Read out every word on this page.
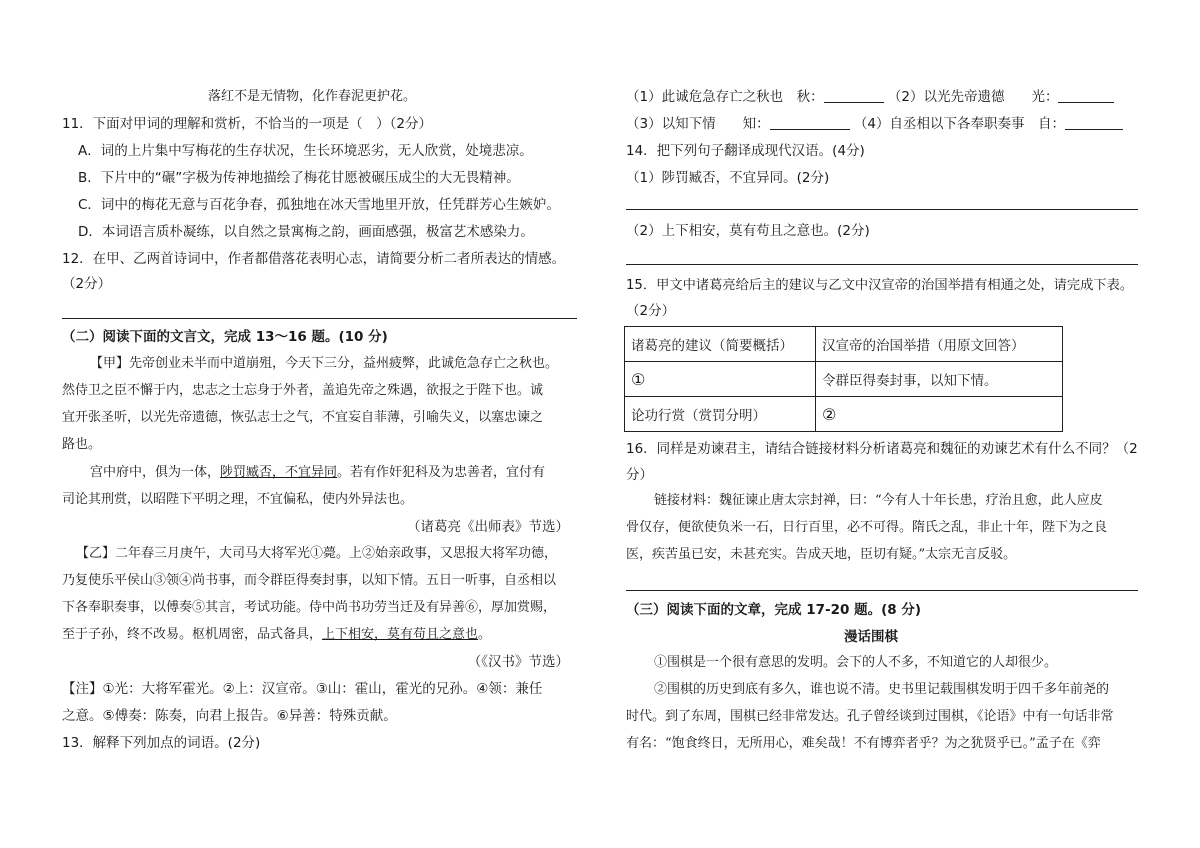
落红不是无情物，化作春泥更护花。
11．下面对甲词的理解和赏析，不恰当的一项是（　）（2分）
A．词的上片集中写梅花的生存状况，生长环境恶劣，无人欣赏，处境悲凉。
B．下片中的“碾”字极为传神地描绘了梅花甘愿被碾压成尘的大无畏精神。
C．词中的梅花无意与百花争春，孤独地在冰天雪地里开放，任凭群芳心生嫉妒。
D．本词语言质朴凝练，以自然之景寓梅之韵，画面感强，极富艺术感染力。
12．在甲、乙两首诗词中，作者都借落花表明心志，请简要分析二者所表达的情感。
（2分）
（二）阅读下面的文言文，完成 13～16 题。(10 分)
【甲】先帝创业未半而中道崩殂，今天下三分，益州疲弊，此诚危急存亡之秋也。
然侍卫之臣不懈于内，忠志之士忘身于外者，盖追先帝之殊遇，欲报之于陛下也。诚
宜开张圣听，以光先帝遗德，恢弘志士之气，不宜妄自菲薄，引喻失义，以塞忠谏之
路也。
宫中府中，俱为一体，陟罚臧否，不宜异同。若有作奸犯科及为忠善者，宜付有
司论其刑赏，以昭陛下平明之理，不宜偏私，使内外异法也。
（诸葛亮《出师表》节选）
【乙】二年春三月庚午，大司马大将军光①薨。上②始亲政事，又思报大将军功德，
乃复使乐平侯山③领④尚书事，而令群臣得奏封事，以知下情。五日一听事，自丞相以
下各奉职奏事，以傅奏⑤其言，考试功能。侍中尚书功劳当迁及有异善⑥，厚加赏赐，
至于子孙，终不改易。枢机周密，品式备具，上下相安，莫有苟且之意也。
（《汉书》节选）
【注】①光：大将军霍光。②上：汉宣帝。③山：霍山，霍光的兄孙。④领：兼任
之意。⑤傅奏：陈奏，向君上报告。⑥异善：特殊贡献。
13．解释下列加点的词语。(2分)
（1）此诚危急存亡之秋也　秋：	（2）以光先帝遗德　　光：
（3）以知下情　　知：	（4）自丞相以下各奉职奏事　自：
14．把下列句子翻译成现代汉语。(4分)
（1）陟罚臧否，不宜异同。(2分)
（2）上下相安，莫有苟且之意也。(2分)
15．甲文中诸葛亮给后主的建议与乙文中汉宣帝的治国举措有相通之处，请完成下表。
（2分）
诸葛亮的建议（简要概括）	汉宣帝的治国举措（用原文回答）
①	令群臣得奏封事，以知下情。
论功行赏（赏罚分明）	②
16．同样是劝谏君主，请结合链接材料分析诸葛亮和魏征的劝谏艺术有什么不同？（2
分）
链接材料：魏征谏止唐太宗封禅，曰：“今有人十年长患，疗治且愈，此人应皮
骨仅存，便欲使负米一石，日行百里，必不可得。隋氏之乱，非止十年，陛下为之良
医，疾苦虽已安，未甚充实。告成天地，臣切有疑。”太宗无言反驳。
（三）阅读下面的文章，完成 17-20 题。(8 分)
漫话围棋
①围棋是一个很有意思的发明。会下的人不多，不知道它的人却很少。
②围棋的历史到底有多久，谁也说不清。史书里记载围棋发明于四千多年前尧的
时代。到了东周，围棋已经非常发达。孔子曾经谈到过围棋，《论语》中有一句话非常
有名：“饱食终日，无所用心，难矣哉！不有博弈者乎？为之犹贤乎已。”孟子在《弈
